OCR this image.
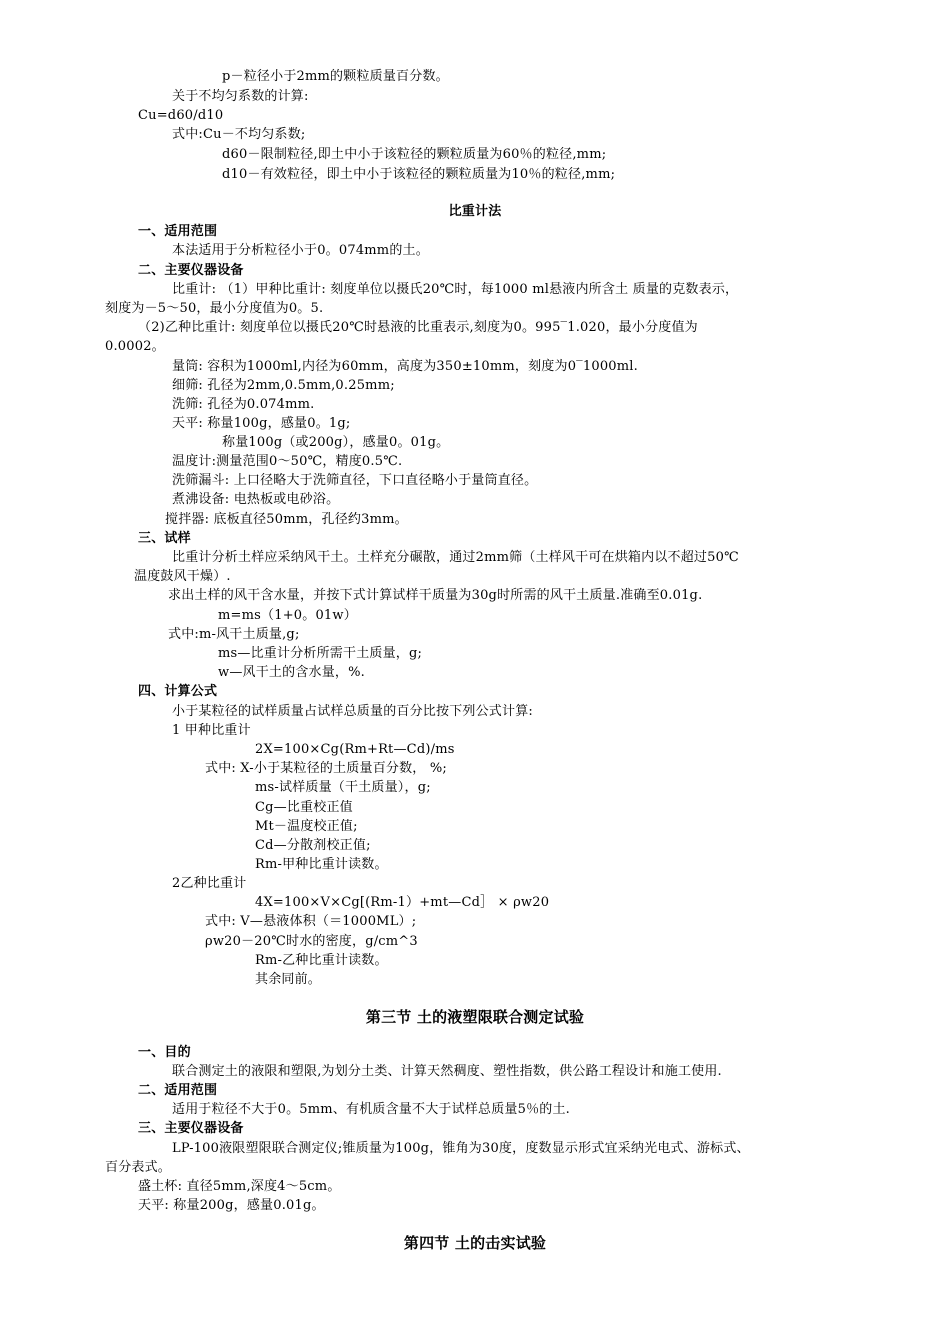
p－粒径小于2mm的颗粒质量百分数。
关于不均匀系数的计算:
Cu=d60/d10
式中:Cu－不均匀系数;
d60－限制粒径,即土中小于该粒径的颗粒质量为60％的粒径,mm;
d10－有效粒径，即土中小于该粒径的颗粒质量为10％的粒径,mm;
比重计法
一、适用范围
本法适用于分析粒径小于0。074mm的土。
二、主要仪器设备
比重计: （1）甲种比重计: 刻度单位以摄氏20℃时，每1000 ml悬液内所含土 质量的克数表示，
刻度为－5～50，最小分度值为0。5.
（2)乙种比重计: 刻度单位以摄氏20℃时悬液的比重表示,刻度为0。995‾1.020，最小分度值为
0.0002。
量筒: 容积为1000ml,内径为60mm，高度为350±10mm，刻度为0‾1000ml.
细筛: 孔径为2mm,0.5mm,0.25mm;
洗筛: 孔径为0.074mm.
天平: 称量100g，感量0。1g;
称量100g（或200g），感量0。01g。
温度计:测量范围0～50℃，精度0.5℃.
洗筛漏斗: 上口径略大于洗筛直径，下口直径略小于量筒直径。
煮沸设备: 电热板或电砂浴。
搅拌器: 底板直径50mm，孔径约3mm。
三、试样
比重计分析土样应采纳风干土。土样充分碾散，通过2mm筛（土样风干可在烘箱内以不超过50℃
温度鼓风干燥）.
求出土样的风干含水量，并按下式计算试样干质量为30g时所需的风干土质量.准确至0.01g.
m=ms（1+0。01w）
式中:m-风干土质量,g;
ms—比重计分析所需干土质量，g;
w—风干土的含水量，%.
四、计算公式
小于某粒径的试样质量占试样总质量的百分比按下列公式计算:
1 甲种比重计
2X=100×Cg(Rm+Rt—Cd)/ms
式中: X-小于某粒径的土质量百分数， %;
ms-试样质量（干土质量），g;
Cg—比重校正值
Mt－温度校正值;
Cd—分散剂校正值;
Rm-甲种比重计读数。
2乙种比重计
4X=100×V×Cg[(Rm-1）+mt—Cd］ × ρw20
式中: V—悬液体积（＝1000ML）;
ρw20－20℃时水的密度，g/cm^3
Rm-乙种比重计读数。
其余同前。
第三节 土的液塑限联合测定试验
一、目的
联合测定土的液限和塑限,为划分土类、计算天然稠度、塑性指数，供公路工程设计和施工使用.
二、适用范围
适用于粒径不大于0。5mm、有机质含量不大于试样总质量5％的土.
三、主要仪器设备
LP-100液限塑限联合测定仪;锥质量为100g，锥角为30度，度数显示形式宜采纳光电式、游标式、
百分表式。
盛土杯: 直径5mm,深度4～5cm。
天平: 称量200g，感量0.01g。
第四节 土的击实试验
